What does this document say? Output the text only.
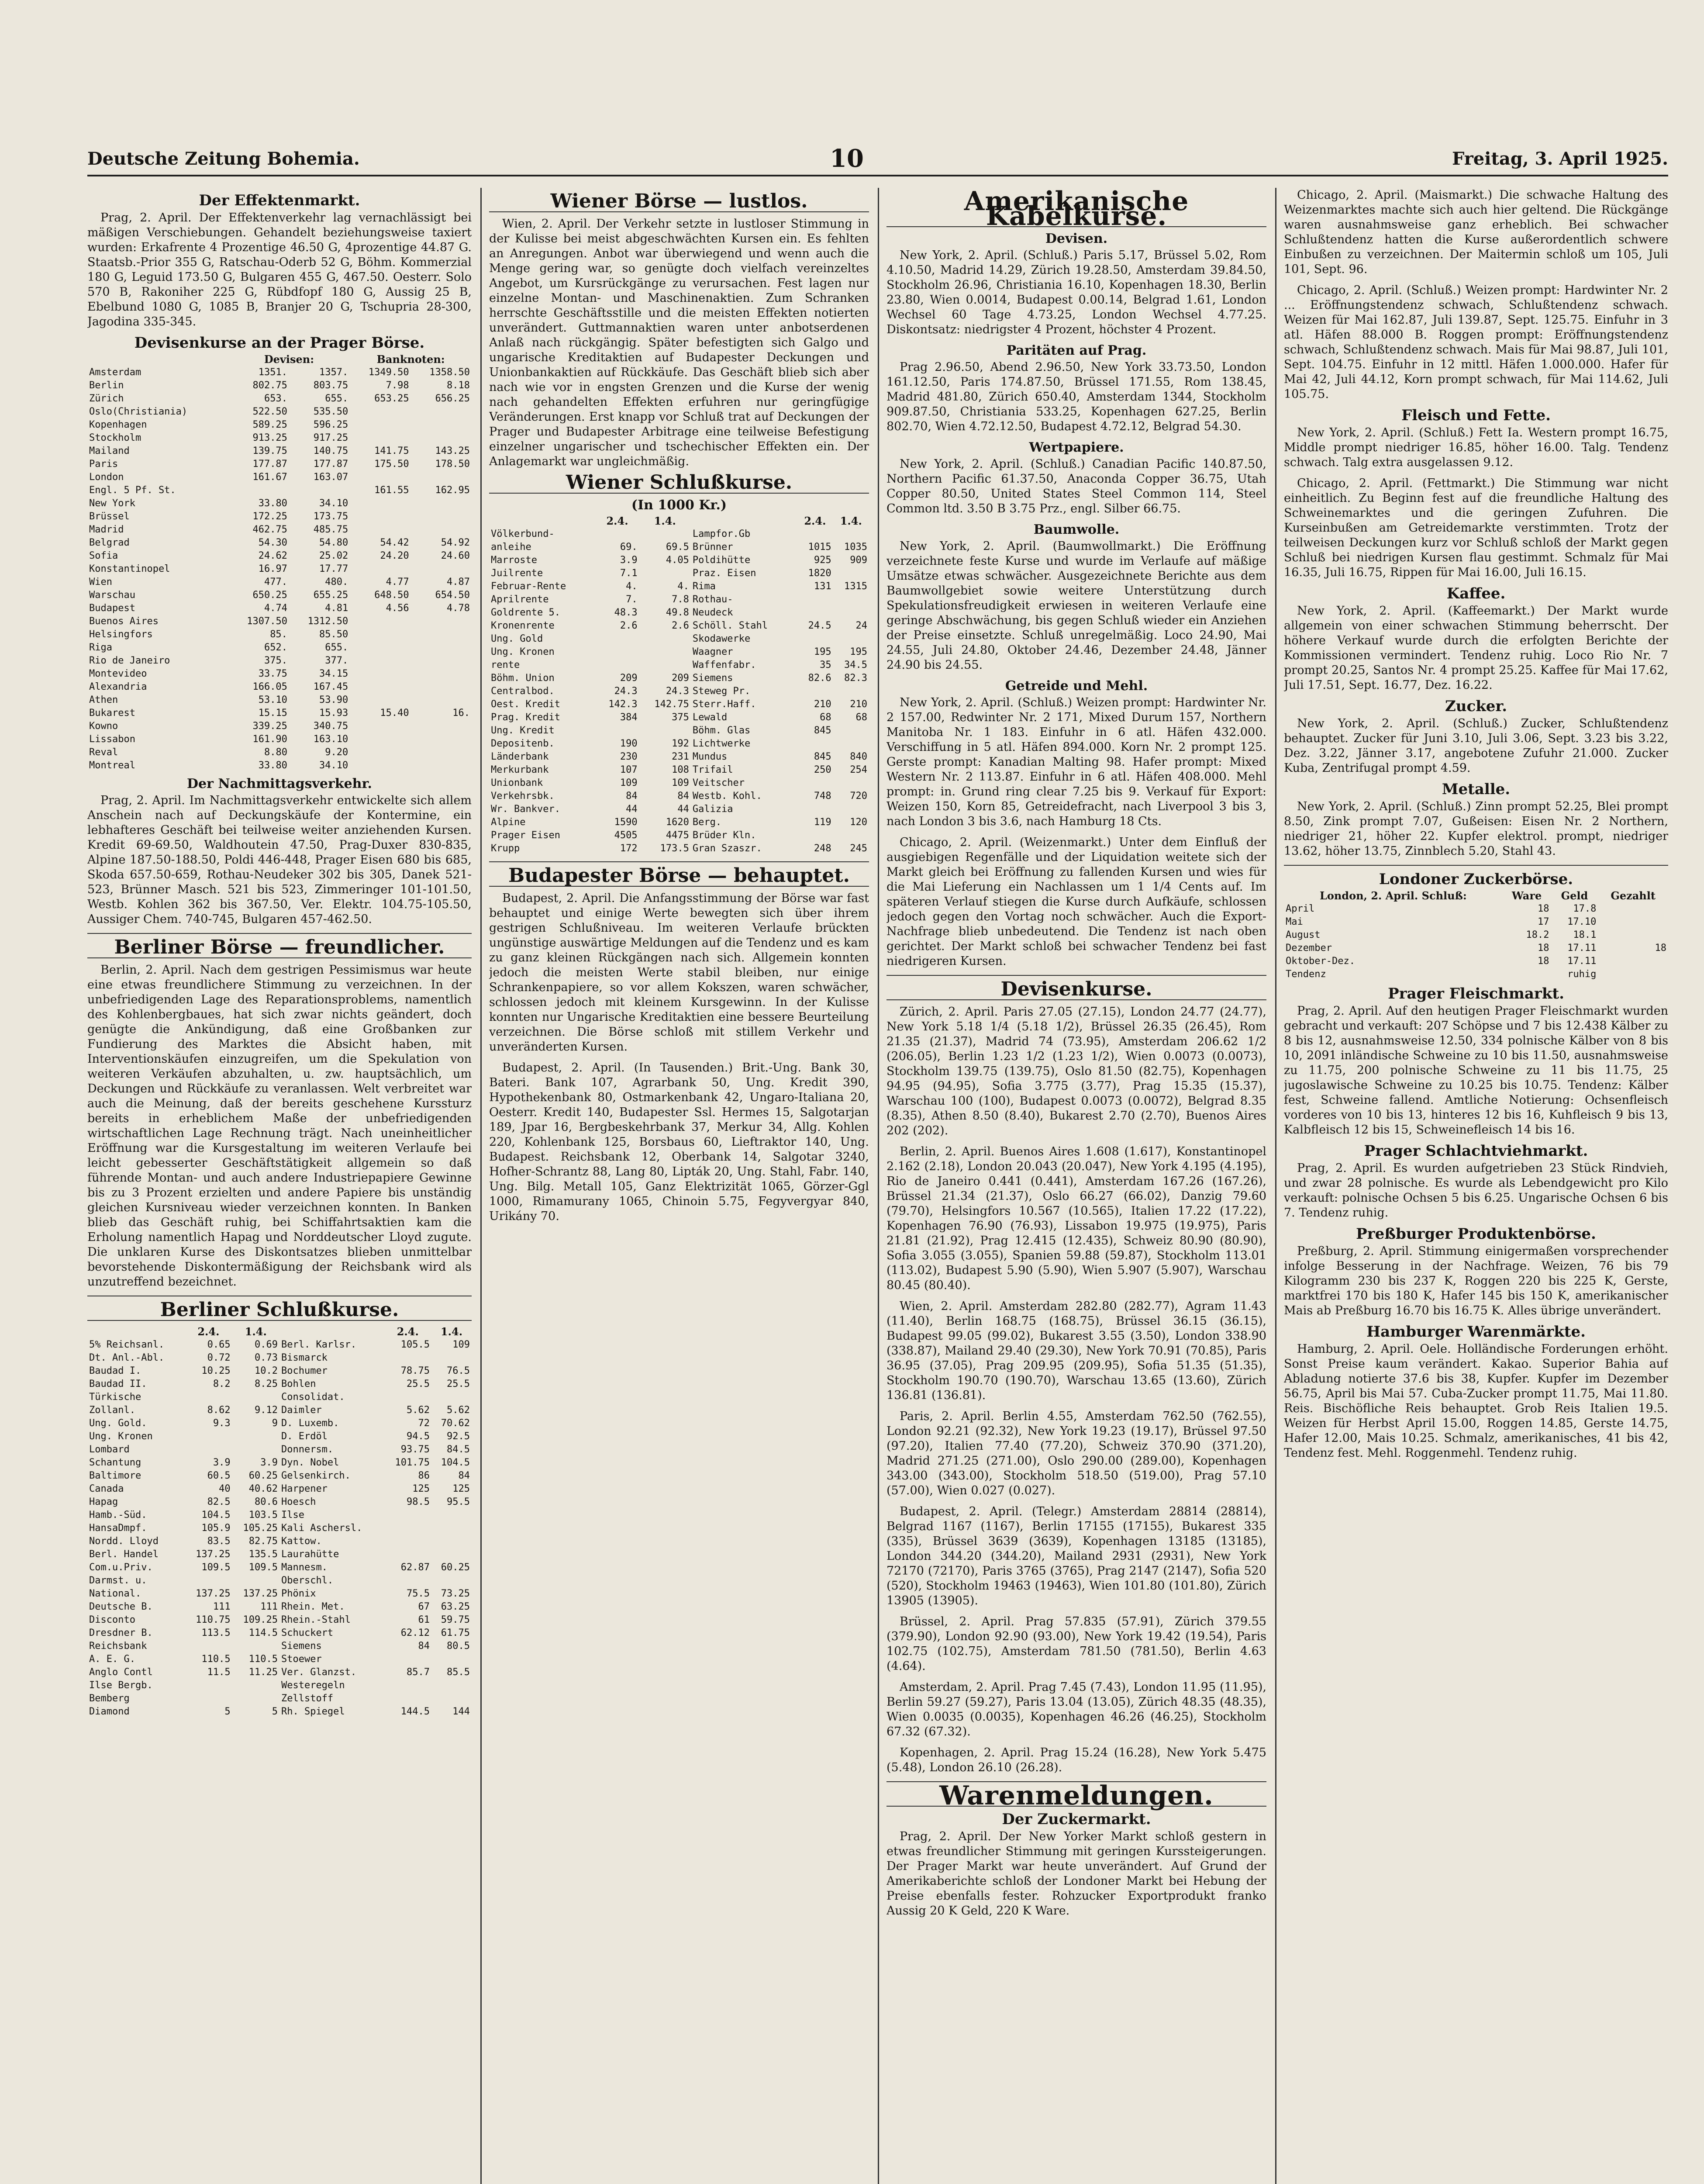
Deutsche Zeitung Bohemia.	10	Freitag, 3. April 1925.
Der Effektenmarkt.

Prag, 2. April. Der Effektenverkehr lag vernachlässigt bei mäßigen Verschiebungen. Gehandelt beziehungsweise taxiert wurden: Erkafrente 4 Prozentige 46.50 G, 4prozentige 44.87 G. Staatsb.-Prior 355 G, Ratschau-Oderb 52 G, Böhm. Kommerzial 180 G, Leguid 173.50 G, Bulgaren 455 G, 467.50. Oesterr. Solo 570 B, Rakoniher 225 G, Rübdfopf 180 G, Aussig 25 B, Ebelbund 1080 G, 1085 B, Branjer 20 G, Tschupria 28-300, Jagodina 335-345.

Devisenkurse an der Prager Börse.
	Devisen:		Banknoten:	
Amsterdam	1351.	1357.	1349.50	1358.50
Berlin	802.75	803.75	7.98	8.18
Zürich	653.	655.	653.25	656.25
Oslo(Christiania)	522.50	535.50		
Kopenhagen	589.25	596.25		
Stockholm	913.25	917.25		
Mailand	139.75	140.75	141.75	143.25
Paris	177.87	177.87	175.50	178.50
London	161.67	163.07		
Engl. 5 Pf. St.			161.55	162.95
New York	33.80	34.10		
Brüssel	172.25	173.75		
Madrid	462.75	485.75		
Belgrad	54.30	54.80	54.42	54.92
Sofia	24.62	25.02	24.20	24.60
Konstantinopel	16.97	17.77		
Wien	477.	480.	4.77	4.87
Warschau	650.25	655.25	648.50	654.50
Budapest	4.74	4.81	4.56	4.78
Buenos Aires	1307.50	1312.50		
Helsingfors	85.	85.50		
Riga	652.	655.		
Rio de Janeiro	375.	377.		
Montevideo	33.75	34.15		
Alexandria	166.05	167.45		
Athen	53.10	53.90		
Bukarest	15.15	15.93	15.40	16.
Kowno	339.25	340.75		
Lissabon	161.90	163.10		
Reval	8.80	9.20		
Montreal	33.80	34.10		
Der Nachmittagsverkehr.

Prag, 2. April. Im Nachmittagsverkehr entwickelte sich allem Anschein nach auf Deckungskäufe der Kontermine, ein lebhafteres Geschäft bei teilweise weiter anziehenden Kursen. Kredit 69-69.50, Waldhoutein 47.50, Prag-Duxer 830-835, Alpine 187.50-188.50, Poldi 446-448, Prager Eisen 680 bis 685, Skoda 657.50-659, Rothau-Neudeker 302 bis 305, Danek 521-523, Brünner Masch. 521 bis 523, Zimmeringer 101-101.50, Westb. Kohlen 362 bis 367.50, Ver. Elektr. 104.75-105.50, Aussiger Chem. 740-745, Bulgaren 457-462.50.

Berliner Börse — freundlicher.

Berlin, 2. April. Nach dem gestrigen Pessimismus war heute eine etwas freundlichere Stimmung zu verzeichnen. In der unbefriedigenden Lage des Reparationsproblems, namentlich des Kohlenbergbaues, hat sich zwar nichts geändert, doch genügte die Ankündigung, daß eine Großbanken zur Fundierung des Marktes die Absicht haben, mit Interventionskäufen einzugreifen, um die Spekulation von weiteren Verkäufen abzuhalten, u. zw. hauptsächlich, um Deckungen und Rückkäufe zu veranlassen. Welt verbreitet war auch die Meinung, daß der bereits geschehene Kurssturz bereits in erheblichem Maße der unbefriedigenden wirtschaftlichen Lage Rechnung trägt. Nach uneinheitlicher Eröffnung war die Kursgestaltung im weiteren Verlaufe bei leicht gebesserter Geschäftstätigkeit allgemein so daß führende Montan- und auch andere Industriepapiere Gewinne bis zu 3 Prozent erzielten und andere Papiere bis unständig gleichen Kursniveau wieder verzeichnen konnten. In Banken blieb das Geschäft ruhig, bei Schiffahrtsaktien kam die Erholung namentlich Hapag und Norddeutscher Lloyd zugute. Die unklaren Kurse des Diskontsatzes blieben unmittelbar bevorstehende Diskontermäßigung der Reichsbank wird als unzutreffend bezeichnet.

Berliner Schlußkurse.
	2.4.	1.4.		2.4.	1.4.
5% Reichsanl.	0.65	0.69	Berl. Karlsr.	105.5	109
Dt. Anl.-Abl.	0.72	0.73	Bismarck		
Baudad I.	10.25	10.2	Bochumer	78.75	76.5
Baudad II.	8.2	8.25	Bohlen	25.5	25.5
Türkische			Consolidat.		
Zollanl.	8.62	9.12	Daimler	5.62	5.62
Ung. Gold.	9.3	9	D. Luxemb.	72	70.62
Ung. Kronen			D. Erdöl	94.5	92.5
Lombard			Donnersm.	93.75	84.5
Schantung	3.9	3.9	Dyn. Nobel	101.75	104.5
Baltimore	60.5	60.25	Gelsenkirch.	86	84
Canada	40	40.62	Harpener	125	125
Hapag	82.5	80.6	Hoesch	98.5	95.5
Hamb.-Süd.	104.5	103.5	Ilse		
HansaDmpf.	105.9	105.25	Kali Aschersl.		
Nordd. Lloyd	83.5	82.75	Kattow.		
Berl. Handel	137.25	135.5	Laurahütte		
Com.u.Priv.	109.5	109.5	Mannesm.	62.87	60.25
Darmst. u.			Oberschl.		
National.	137.25	137.25	Phönix	75.5	73.25
Deutsche B.	111	111	Rhein. Met.	67	63.25
Disconto	110.75	109.25	Rhein.-Stahl	61	59.75
Dresdner B.	113.5	114.5	Schuckert	62.12	61.75
Reichsbank			Siemens	84	80.5
A. E. G.	110.5	110.5	Stoewer		
Anglo Contl	11.5	11.25	Ver. Glanzst.	85.7	85.5
Ilse Bergb.			Westeregeln		
Bemberg			Zellstoff		
Diamond	5	5	Rh. Spiegel	144.5	144
Wiener Börse — lustlos.

Wien, 2. April. Der Verkehr setzte in lustloser Stimmung in der Kulisse bei meist abgeschwächten Kursen ein. Es fehlten an Anregungen. Anbot war überwiegend und wenn auch die Menge gering war, so genügte doch vielfach vereinzeltes Angebot, um Kursrückgänge zu verursachen. Fest lagen nur einzelne Montan- und Maschinenaktien. Zum Schranken herrschte Geschäftsstille und die meisten Effekten notierten unverändert. Guttmannaktien waren unter anbotserdenen Anlaß nach rückgängig. Später befestigten sich Galgo und ungarische Kreditaktien auf Budapester Deckungen und Unionbankaktien auf Rückkäufe. Das Geschäft blieb sich aber nach wie vor in engsten Grenzen und die Kurse der wenig nach gehandelten Effekten erfuhren nur geringfügige Veränderungen. Erst knapp vor Schluß trat auf Deckungen der Prager und Budapester Arbitrage eine teilweise Befestigung einzelner ungarischer und tschechischer Effekten ein. Der Anlagemarkt war ungleichmäßig.

Wiener Schlußkurse.
(In 1000 Kr.)
	2.4.	1.4.		2.4.	1.4.
Völkerbund-			Lampfor.Gb		
anleihe	69.	69.5	Brünner	1015	1035
Marroste	3.9	4.05	Poldihütte	925	909
Juilrente	7.1		Praz. Eisen	1820	
Februar-Rente	4.	4.	Rima	131	1315
Aprilrente	7.	7.8	Rothau-		
Goldrente 5.	48.3	49.8	Neudeck		
Kronenrente	2.6	2.6	Schöll. Stahl	24.5	24
Ung. Gold			Skodawerke		
Ung. Kronen			Waagner	195	195
rente			Waffenfabr.	35	34.5
Böhm. Union	209	209	Siemens	82.6	82.3
Centralbod.	24.3	24.3	Steweg Pr.		
Oest. Kredit	142.3	142.75	Sterr.Haff.	210	210
Prag. Kredit	384	375	Lewald	68	68
Ung. Kredit			Böhm. Glas	845	
Depositenb.	190	192	Lichtwerke		
Länderbank	230	231	Mundus	845	840
Merkurbank	107	108	Trifail	250	254
Unionbank	109	109	Veitscher		
Verkehrsbk.	84	84	Westb. Kohl.	748	720
Wr. Bankver.	44	44	Galizia		
Alpine	1590	1620	Berg.	119	120
Prager Eisen	4505	4475	Brüder Kln.		
Krupp	172	173.5	Gran Szaszr.	248	245
Budapester Börse — behauptet.

Budapest, 2. April. Die Anfangsstimmung der Börse war fast behauptet und einige Werte bewegten sich über ihrem gestrigen Schlußniveau. Im weiteren Verlaufe brückten ungünstige auswärtige Meldungen auf die Tendenz und es kam zu ganz kleinen Rückgängen nach sich. Allgemein konnten jedoch die meisten Werte stabil bleiben, nur einige Schrankenpapiere, so vor allem Kokszen, waren schwächer, schlossen jedoch mit kleinem Kursgewinn. In der Kulisse konnten nur Ungarische Kreditaktien eine bessere Beurteilung verzeichnen. Die Börse schloß mit stillem Verkehr und unveränderten Kursen.

Budapest, 2. April. (In Tausenden.) Brit.-Ung. Bank 30, Bateri. Bank 107, Agrarbank 50, Ung. Kredit 390, Hypothekenbank 80, Ostmarkenbank 42, Ungaro-Italiana 20, Oesterr. Kredit 140, Budapester Ssl. Hermes 15, Salgotarjan 189, Jpar 16, Bergbeskehrbank 37, Merkur 34, Allg. Kohlen 220, Kohlenbank 125, Borsbaus 60, Lieftraktor 140, Ung. Budapest. Reichsbank 12, Oberbank 14, Salgotar 3240, Hofher-Schrantz 88, Lang 80, Lipták 20, Ung. Stahl, Fabr. 140, Ung. Bilg. Metall 105, Ganz Elektrizität 1065, Görzer-Ggl 1000, Rimamurany 1065, Chinoin 5.75, Fegyvergyar 840, Urikány 70.

Amerikanische Kabelkurse.
Devisen.

New York, 2. April. (Schluß.) Paris 5.17, Brüssel 5.02, Rom 4.10.50, Madrid 14.29, Zürich 19.28.50, Amsterdam 39.84.50, Stockholm 26.96, Christiania 16.10, Kopenhagen 18.30, Berlin 23.80, Wien 0.0014, Budapest 0.00.14, Belgrad 1.61, London Wechsel 60 Tage 4.73.25, London Wechsel 4.77.25. Diskontsatz: niedrigster 4 Prozent, höchster 4 Prozent.

Paritäten auf Prag.

Prag 2.96.50, Abend 2.96.50, New York 33.73.50, London 161.12.50, Paris 174.87.50, Brüssel 171.55, Rom 138.45, Madrid 481.80, Zürich 650.40, Amsterdam 1344, Stockholm 909.87.50, Christiania 533.25, Kopenhagen 627.25, Berlin 802.70, Wien 4.72.12.50, Budapest 4.72.12, Belgrad 54.30.

Wertpapiere.

New York, 2. April. (Schluß.) Canadian Pacific 140.87.50, Northern Pacific 61.37.50, Anaconda Copper 36.75, Utah Copper 80.50, United States Steel Common 114, Steel Common ltd. 3.50 B 3.75 Prz., engl. Silber 66.75.

Baumwolle.

New York, 2. April. (Baumwollmarkt.) Die Eröffnung verzeichnete feste Kurse und wurde im Verlaufe auf mäßige Umsätze etwas schwächer. Ausgezeichnete Berichte aus dem Baumwollgebiet sowie weitere Unterstützung durch Spekulationsfreudigkeit erwiesen in weiteren Verlaufe eine geringe Abschwächung, bis gegen Schluß wieder ein Anziehen der Preise einsetzte. Schluß unregelmäßig. Loco 24.90, Mai 24.55, Juli 24.80, Oktober 24.46, Dezember 24.48, Jänner 24.90 bis 24.55.

Getreide und Mehl.

New York, 2. April. (Schluß.) Weizen prompt: Hardwinter Nr. 2 157.00, Redwinter Nr. 2 171, Mixed Durum 157, Northern Manitoba Nr. 1 183. Einfuhr in 6 atl. Häfen 432.000. Verschiffung in 5 atl. Häfen 894.000. Korn Nr. 2 prompt 125. Gerste prompt: Kanadian Malting 98. Hafer prompt: Mixed Western Nr. 2 113.87. Einfuhr in 6 atl. Häfen 408.000. Mehl prompt: in. Grund ring clear 7.25 bis 9. Verkauf für Export: Weizen 150, Korn 85, Getreidefracht, nach Liverpool 3 bis 3, nach London 3 bis 3.6, nach Hamburg 18 Cts.

Chicago, 2. April. (Weizenmarkt.) Unter dem Einfluß der ausgiebigen Regenfälle und der Liquidation weitete sich der Markt gleich bei Eröffnung zu fallenden Kursen und wies für die Mai Lieferung ein Nachlassen um 1 1/4 Cents auf. Im späteren Verlauf stiegen die Kurse durch Aufkäufe, schlossen jedoch gegen den Vortag noch schwächer. Auch die Export-Nachfrage blieb unbedeutend. Die Tendenz ist nach oben gerichtet. Der Markt schloß bei schwacher Tendenz bei fast niedrigeren Kursen.

Devisenkurse.

Zürich, 2. April. Paris 27.05 (27.15), London 24.77 (24.77), New York 5.18 1/4 (5.18 1/2), Brüssel 26.35 (26.45), Rom 21.35 (21.37), Madrid 74 (73.95), Amsterdam 206.62 1/2 (206.05), Berlin 1.23 1/2 (1.23 1/2), Wien 0.0073 (0.0073), Stockholm 139.75 (139.75), Oslo 81.50 (82.75), Kopenhagen 94.95 (94.95), Sofia 3.775 (3.77), Prag 15.35 (15.37), Warschau 100 (100), Budapest 0.0073 (0.0072), Belgrad 8.35 (8.35), Athen 8.50 (8.40), Bukarest 2.70 (2.70), Buenos Aires 202 (202).

Berlin, 2. April. Buenos Aires 1.608 (1.617), Konstantinopel 2.162 (2.18), London 20.043 (20.047), New York 4.195 (4.195), Rio de Janeiro 0.441 (0.441), Amsterdam 167.26 (167.26), Brüssel 21.34 (21.37), Oslo 66.27 (66.02), Danzig 79.60 (79.70), Helsingfors 10.567 (10.565), Italien 17.22 (17.22), Kopenhagen 76.90 (76.93), Lissabon 19.975 (19.975), Paris 21.81 (21.92), Prag 12.415 (12.435), Schweiz 80.90 (80.90), Sofia 3.055 (3.055), Spanien 59.88 (59.87), Stockholm 113.01 (113.02), Budapest 5.90 (5.90), Wien 5.907 (5.907), Warschau 80.45 (80.40).

Wien, 2. April. Amsterdam 282.80 (282.77), Agram 11.43 (11.40), Berlin 168.75 (168.75), Brüssel 36.15 (36.15), Budapest 99.05 (99.02), Bukarest 3.55 (3.50), London 338.90 (338.87), Mailand 29.40 (29.30), New York 70.91 (70.85), Paris 36.95 (37.05), Prag 209.95 (209.95), Sofia 51.35 (51.35), Stockholm 190.70 (190.70), Warschau 13.65 (13.60), Zürich 136.81 (136.81).

Paris, 2. April. Berlin 4.55, Amsterdam 762.50 (762.55), London 92.21 (92.32), New York 19.23 (19.17), Brüssel 97.50 (97.20), Italien 77.40 (77.20), Schweiz 370.90 (371.20), Madrid 271.25 (271.00), Oslo 290.00 (289.00), Kopenhagen 343.00 (343.00), Stockholm 518.50 (519.00), Prag 57.10 (57.00), Wien 0.027 (0.027).

Budapest, 2. April. (Telegr.) Amsterdam 28814 (28814), Belgrad 1167 (1167), Berlin 17155 (17155), Bukarest 335 (335), Brüssel 3639 (3639), Kopenhagen 13185 (13185), London 344.20 (344.20), Mailand 2931 (2931), New York 72170 (72170), Paris 3765 (3765), Prag 2147 (2147), Sofia 520 (520), Stockholm 19463 (19463), Wien 101.80 (101.80), Zürich 13905 (13905).

Brüssel, 2. April. Prag 57.835 (57.91), Zürich 379.55 (379.90), London 92.90 (93.00), New York 19.42 (19.54), Paris 102.75 (102.75), Amsterdam 781.50 (781.50), Berlin 4.63 (4.64).

Amsterdam, 2. April. Prag 7.45 (7.43), London 11.95 (11.95), Berlin 59.27 (59.27), Paris 13.04 (13.05), Zürich 48.35 (48.35), Wien 0.0035 (0.0035), Kopenhagen 46.26 (46.25), Stockholm 67.32 (67.32).

Kopenhagen, 2. April. Prag 15.24 (16.28), New York 5.475 (5.48), London 26.10 (26.28).

Warenmeldungen.
Der Zuckermarkt.

Prag, 2. April. Der New Yorker Markt schloß gestern in etwas freundlicher Stimmung mit geringen Kurssteigerungen. Der Prager Markt war heute unverändert. Auf Grund der Amerikaberichte schloß der Londoner Markt bei Hebung der Preise ebenfalls fester. Rohzucker Exportprodukt franko Aussig 20 K Geld, 220 K Ware.

Chicago, 2. April. (Maismarkt.) Die schwache Haltung des Weizenmarktes machte sich auch hier geltend. Die Rückgänge waren ausnahmsweise ganz erheblich. Bei schwacher Schlußtendenz hatten die Kurse außerordentlich schwere Einbußen zu verzeichnen. Der Maitermin schloß um 105, Juli 101, Sept. 96.

Chicago, 2. April. (Schluß.) Weizen prompt: Hardwinter Nr. 2 ... Eröffnungstendenz schwach, Schlußtendenz schwach. Weizen für Mai 162.87, Juli 139.87, Sept. 125.75. Einfuhr in 3 atl. Häfen 88.000 B. Roggen prompt: Eröffnungstendenz schwach, Schlußtendenz schwach. Mais für Mai 98.87, Juli 101, Sept. 104.75. Einfuhr in 12 mittl. Häfen 1.000.000. Hafer für Mai 42, Juli 44.12, Korn prompt schwach, für Mai 114.62, Juli 105.75.

Fleisch und Fette.

New York, 2. April. (Schluß.) Fett Ia. Western prompt 16.75, Middle prompt niedriger 16.85, höher 16.00. Talg. Tendenz schwach. Talg extra ausgelassen 9.12.

Chicago, 2. April. (Fettmarkt.) Die Stimmung war nicht einheitlich. Zu Beginn fest auf die freundliche Haltung des Schweinemarktes und die geringen Zufuhren. Die Kurseinbußen am Getreidemarkte verstimmten. Trotz der teilweisen Deckungen kurz vor Schluß schloß der Markt gegen Schluß bei niedrigen Kursen flau gestimmt. Schmalz für Mai 16.35, Juli 16.75, Rippen für Mai 16.00, Juli 16.15.

Kaffee.

New York, 2. April. (Kaffeemarkt.) Der Markt wurde allgemein von einer schwachen Stimmung beherrscht. Der höhere Verkauf wurde durch die erfolgten Berichte der Kommissionen vermindert. Tendenz ruhig. Loco Rio Nr. 7 prompt 20.25, Santos Nr. 4 prompt 25.25. Kaffee für Mai 17.62, Juli 17.51, Sept. 16.77, Dez. 16.22.

Zucker.

New York, 2. April. (Schluß.) Zucker, Schlußtendenz behauptet. Zucker für Juni 3.10, Juli 3.06, Sept. 3.23 bis 3.22, Dez. 3.22, Jänner 3.17, angebotene Zufuhr 21.000. Zucker Kuba, Zentrifugal prompt 4.59.

Metalle.

New York, 2. April. (Schluß.) Zinn prompt 52.25, Blei prompt 8.50, Zink prompt 7.07, Gußeisen: Eisen Nr. 2 Northern, niedriger 21, höher 22. Kupfer elektrol. prompt, niedriger 13.62, höher 13.75, Zinnblech 5.20, Stahl 43.

Londoner Zuckerbörse.
London, 2. April. Schluß:	Ware	Geld	Gezahlt
April	18	17.8	
Mai	17	17.10	
August	18.2	18.1	
Dezember	18	17.11	18
Oktober-Dez.	18	17.11	
Tendenz		ruhig	
Prager Fleischmarkt.

Prag, 2. April. Auf den heutigen Prager Fleischmarkt wurden gebracht und verkauft: 207 Schöpse und 7 bis 12.438 Kälber zu 8 bis 12, ausnahmsweise 12.50, 334 polnische Kälber von 8 bis 10, 2091 inländische Schweine zu 10 bis 11.50, ausnahmsweise zu 11.75, 200 polnische Schweine zu 11 bis 11.75, 25 jugoslawische Schweine zu 10.25 bis 10.75. Tendenz: Kälber fest, Schweine fallend. Amtliche Notierung: Ochsenfleisch vorderes von 10 bis 13, hinteres 12 bis 16, Kuhfleisch 9 bis 13, Kalbfleisch 12 bis 15, Schweinefleisch 14 bis 16.

Prager Schlachtviehmarkt.

Prag, 2. April. Es wurden aufgetrieben 23 Stück Rindvieh, und zwar 28 polnische. Es wurde als Lebendgewicht pro Kilo verkauft: polnische Ochsen 5 bis 6.25. Ungarische Ochsen 6 bis 7. Tendenz ruhig.

Preßburger Produktenbörse.

Preßburg, 2. April. Stimmung einigermaßen vorsprechender infolge Besserung in der Nachfrage. Weizen, 76 bis 79 Kilogramm 230 bis 237 K, Roggen 220 bis 225 K, Gerste, marktfrei 170 bis 180 K, Hafer 145 bis 150 K, amerikanischer Mais ab Preßburg 16.70 bis 16.75 K. Alles übrige unverändert.

Hamburger Warenmärkte.

Hamburg, 2. April. Oele. Holländische Forderungen erhöht. Sonst Preise kaum verändert. Kakao. Superior Bahia auf Abladung notierte 37.6 bis 38, Kupfer. Kupfer im Dezember 56.75, April bis Mai 57. Cuba-Zucker prompt 11.75, Mai 11.80. Reis. Bischöfliche Reis behauptet. Grob Reis Italien 19.5. Weizen für Herbst April 15.00, Roggen 14.85, Gerste 14.75, Hafer 12.00, Mais 10.25. Schmalz, amerikanisches, 41 bis 42, Tendenz fest. Mehl. Roggenmehl. Tendenz ruhig.
